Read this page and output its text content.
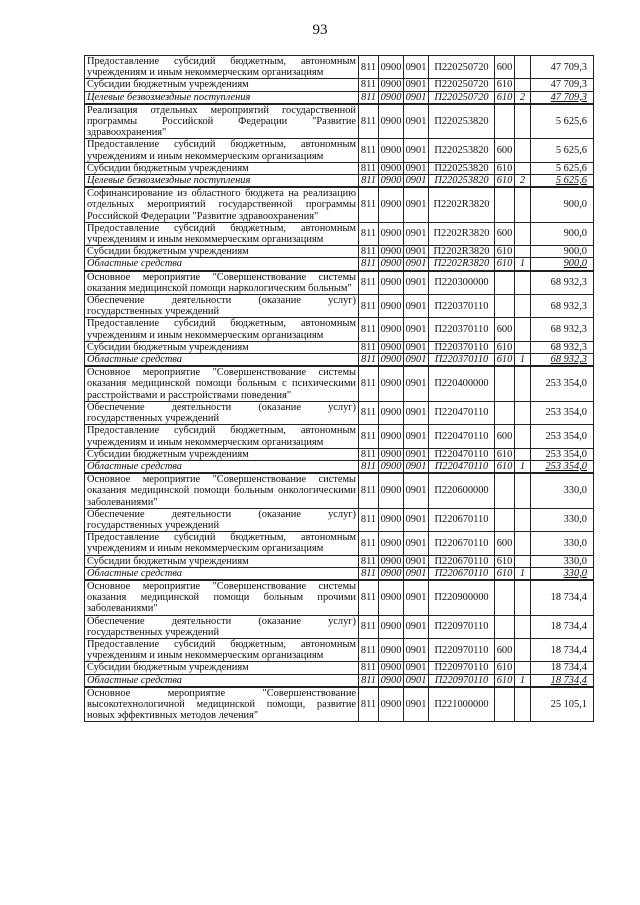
93
Предоставление субсидий бюджетным, автономным учреждениям и иным некоммерческим организациям	811	0900	0901	П220250720	600		47 709,3
Субсидии бюджетным учреждениям	811	0900	0901	П220250720	610		47 709,3
Целевые безвозмездные поступления	811	0900	0901	П220250720	610	2	47 709,3
Реализация отдельных мероприятий государственной программы Российской Федерации "Развитие здравоохранения"	811	0900	0901	П220253820			5 625,6
Предоставление субсидий бюджетным, автономным учреждениям и иным некоммерческим организациям	811	0900	0901	П220253820	600		5 625,6
Субсидии бюджетным учреждениям	811	0900	0901	П220253820	610		5 625,6
Целевые безвозмездные поступления	811	0900	0901	П220253820	610	2	5 625,6
Софинансирование из областного бюджета на реализацию отдельных мероприятий государственной программы Российской Федерации "Развитие здравоохранения"	811	0900	0901	П2202R3820			900,0
Предоставление субсидий бюджетным, автономным учреждениям и иным некоммерческим организациям	811	0900	0901	П2202R3820	600		900,0
Субсидии бюджетным учреждениям	811	0900	0901	П2202R3820	610		900,0
Областные средства	811	0900	0901	П2202R3820	610	1	900,0
Основное мероприятие "Совершенствование системы оказания медицинской помощи наркологическим больным"	811	0900	0901	П220300000			68 932,3
Обеспечение деятельности (оказание услуг) государственных учреждений	811	0900	0901	П220370110			68 932,3
Предоставление субсидий бюджетным, автономным учреждениям и иным некоммерческим организациям	811	0900	0901	П220370110	600		68 932,3
Субсидии бюджетным учреждениям	811	0900	0901	П220370110	610		68 932,3
Областные средства	811	0900	0901	П220370110	610	1	68 932,3
Основное мероприятие "Совершенствование системы оказания медицинской помощи больным с психическими расстройствами и расстройствами поведения"	811	0900	0901	П220400000			253 354,0
Обеспечение деятельности (оказание услуг) государственных учреждений	811	0900	0901	П220470110			253 354,0
Предоставление субсидий бюджетным, автономным учреждениям и иным некоммерческим организациям	811	0900	0901	П220470110	600		253 354,0
Субсидии бюджетным учреждениям	811	0900	0901	П220470110	610		253 354,0
Областные средства	811	0900	0901	П220470110	610	1	253 354,0
Основное мероприятие "Совершенствование системы оказания медицинской помощи больным онкологическими заболеваниями"	811	0900	0901	П220600000			330,0
Обеспечение деятельности (оказание услуг) государственных учреждений	811	0900	0901	П220670110			330,0
Предоставление субсидий бюджетным, автономным учреждениям и иным некоммерческим организациям	811	0900	0901	П220670110	600		330,0
Субсидии бюджетным учреждениям	811	0900	0901	П220670110	610		330,0
Областные средства	811	0900	0901	П220670110	610	1	330,0
Основное мероприятие "Совершенствование системы оказания медицинской помощи больным прочими заболеваниями"	811	0900	0901	П220900000			18 734,4
Обеспечение деятельности (оказание услуг) государственных учреждений	811	0900	0901	П220970110			18 734,4
Предоставление субсидий бюджетным, автономным учреждениям и иным некоммерческим организациям	811	0900	0901	П220970110	600		18 734,4
Субсидии бюджетным учреждениям	811	0900	0901	П220970110	610		18 734,4
Областные средства	811	0900	0901	П220970110	610	1	18 734,4
Основное мероприятие "Совершенствование высокотехнологичной медицинской помощи, развитие новых эффективных методов лечения"	811	0900	0901	П221000000			25 105,1
